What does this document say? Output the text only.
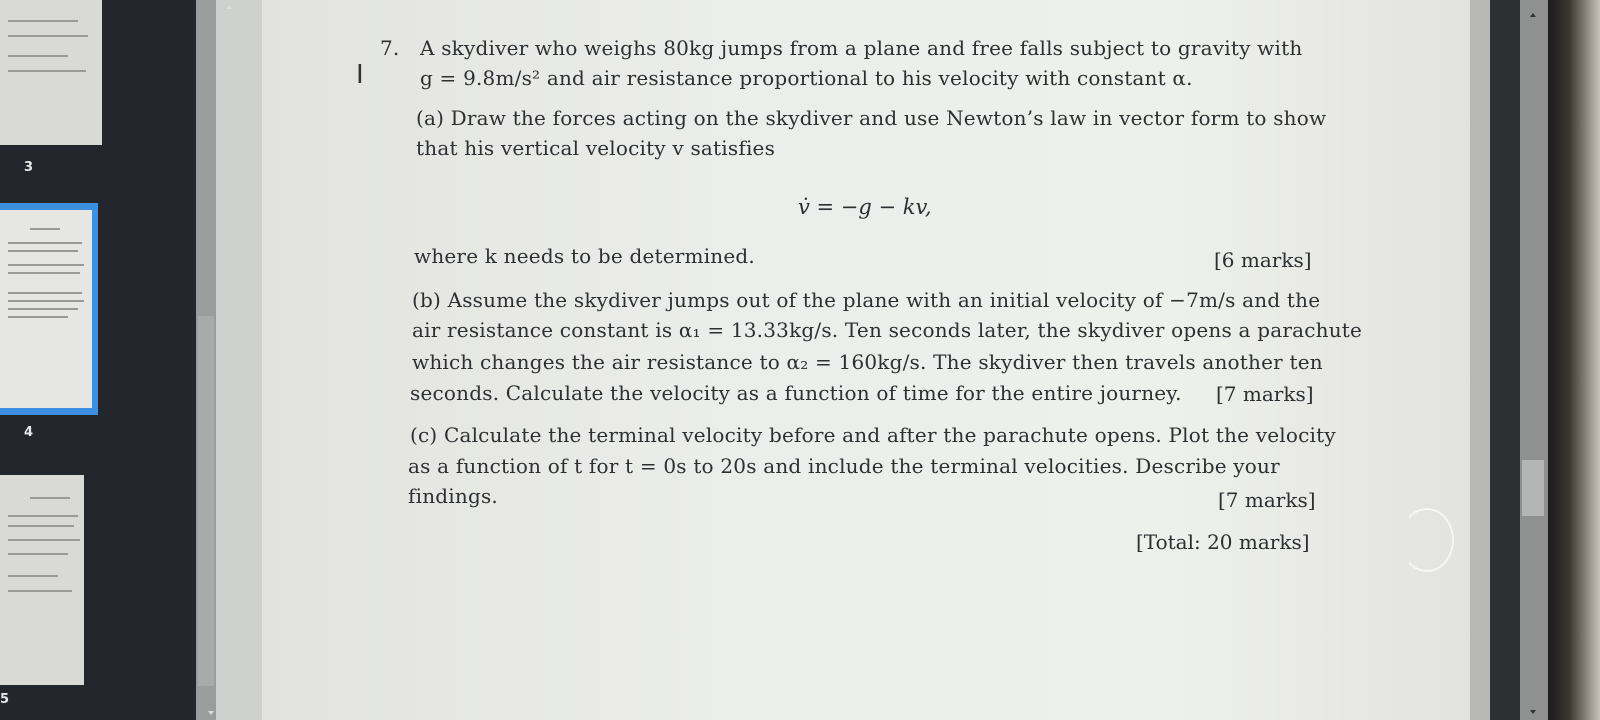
3
4
5
I
7. A skydiver who weighs 80kg jumps from a plane and free falls subject to gravity with
g = 9.8m/s² and air resistance proportional to his velocity with constant α.
(a) Draw the forces acting on the skydiver and use Newton’s law in vector form to show
that his vertical velocity v satisfies
v̇ = −g − kv,
where k needs to be determined.	[6 marks]
(b) Assume the skydiver jumps out of the plane with an initial velocity of −7m/s and the
air resistance constant is α₁ = 13.33kg/s. Ten seconds later, the skydiver opens a parachute
which changes the air resistance to α₂ = 160kg/s. The skydiver then travels another ten
seconds. Calculate the velocity as a function of time for the entire journey. [7 marks]
(c) Calculate the terminal velocity before and after the parachute opens. Plot the velocity
as a function of t for t = 0s to 20s and include the terminal velocities. Describe your
findings.	[7 marks]
[Total: 20 marks]
